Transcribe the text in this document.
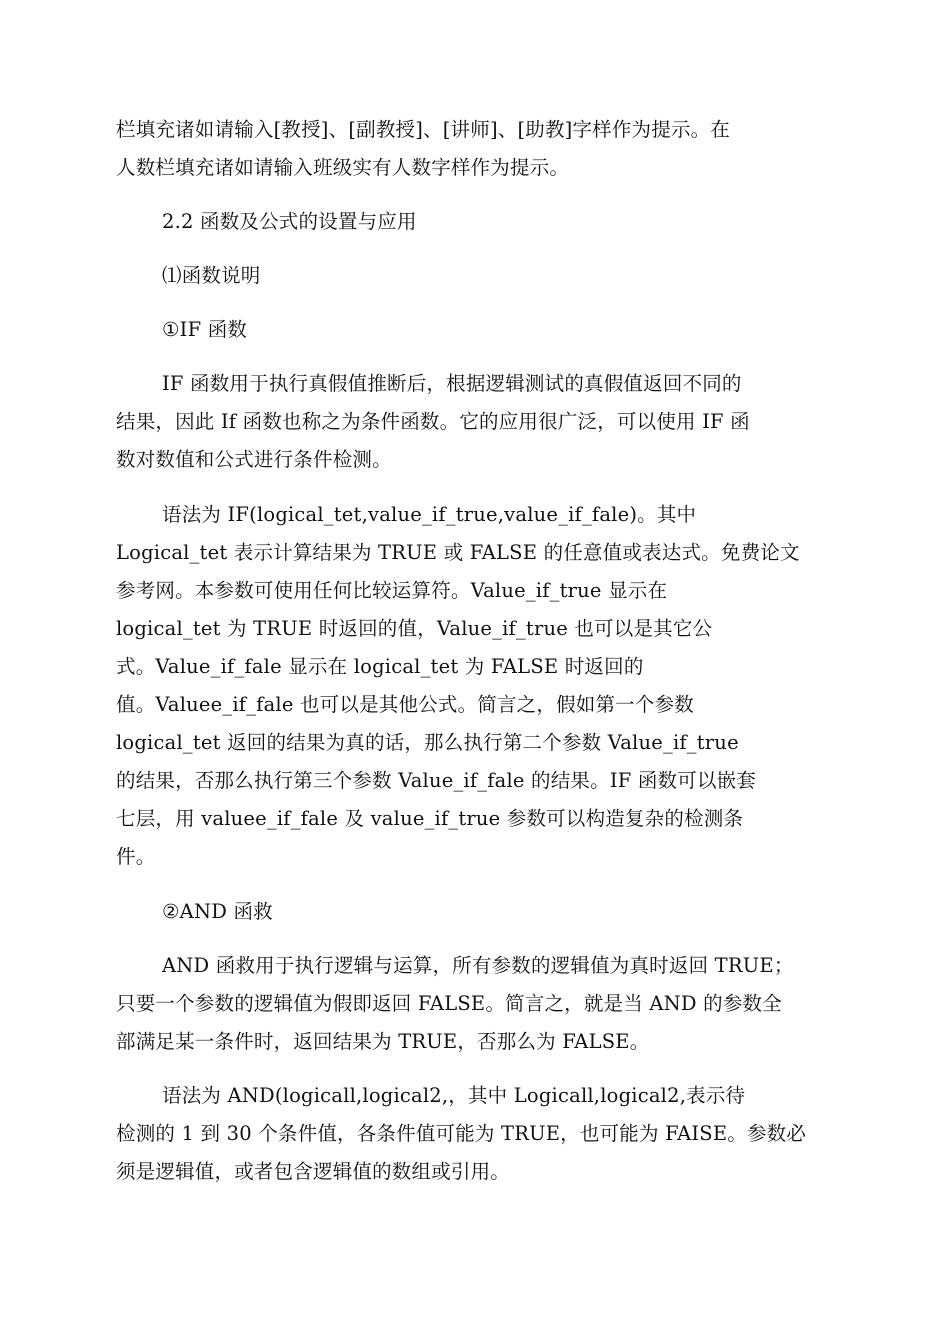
栏填充诸如请输入[教授]、[副教授]、[讲师]、[助教]字样作为提示。在
人数栏填充诸如请输入班级实有人数字样作为提示。
2.2 函数及公式的设置与应用
⑴函数说明
①IF 函数
IF 函数用于执行真假值推断后，根据逻辑测试的真假值返回不同的
结果，因此 If 函数也称之为条件函数。它的应用很广泛，可以使用 IF 函
数对数值和公式进行条件检测。
语法为 IF(logical_tet,value_if_true,value_if_fale)。其中
Logical_tet 表示计算结果为 TRUE 或 FALSE 的任意值或表达式。免费论文
参考网。本参数可使用任何比较运算符。Value_if_true 显示在
logical_tet 为 TRUE 时返回的值，Value_if_true 也可以是其它公
式。Value_if_fale 显示在 logical_tet 为 FALSE 时返回的
值。Valuee_if_fale 也可以是其他公式。简言之，假如第一个参数
logical_tet 返回的结果为真的话，那么执行第二个参数 Value_if_true
的结果，否那么执行第三个参数 Value_if_fale 的结果。IF 函数可以嵌套
七层，用 valuee_if_fale 及 value_if_true 参数可以构造复杂的检测条
件。
②AND 函救
AND 函救用于执行逻辑与运算，所有参数的逻辑值为真时返回 TRUE；
只要一个参数的逻辑值为假即返回 FALSE。简言之，就是当 AND 的参数全
部满足某一条件时，返回结果为 TRUE，否那么为 FALSE。
语法为 AND(logicall,logical2,，其中 Logicall,logical2,表示待
检测的 1 到 30 个条件值，各条件值可能为 TRUE，也可能为 FAISE。参数必
须是逻辑值，或者包含逻辑值的数组或引用。
